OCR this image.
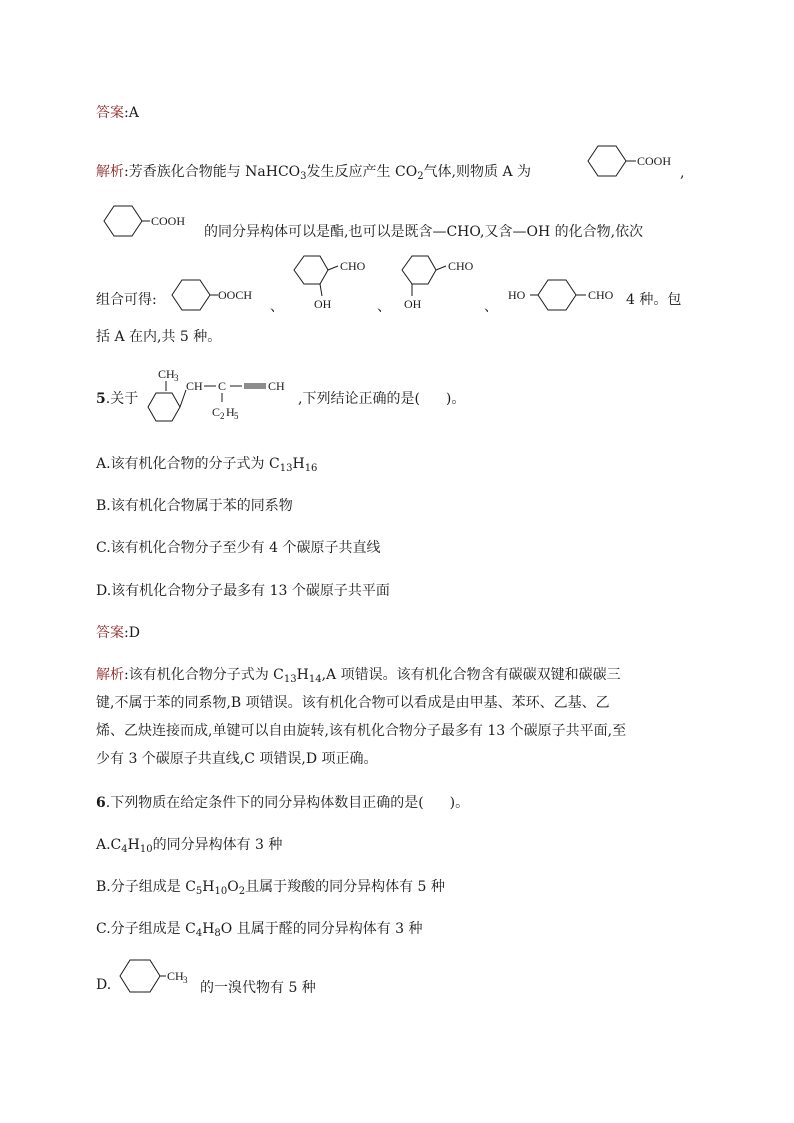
答案:A
解析:芳香族化合物能与 NaHCO$_3$发生反应产生 $CO_2$气体,则物质 A 为
COOH
,
COOH
的同分异构体可以是酯,也可以是既含—CHO,又含—OH 的化合物,依次
组合可得:	OOCH
、
CHO
OH	、
CHO
OH	、
HO	CHO 4 种。包
括 A 在内,共 5 种。
5.关于
CH 3
CH C
C 2 H 5
CH
,下列结论正确的是( )。
A.该有机化合物的分子式为 $C_{13}H_{16}$
B.该有机化合物属于苯的同系物
C.该有机化合物分子至少有 4 个碳原子共直线
D.该有机化合物分子最多有 13 个碳原子共平面
答案:D
解析:该有机化合物分子式为 $C_{13}H_{14},A$ 项错误。该有机化合物含有碳碳双键和碳碳三
键,不属于苯的同系物,B 项错误。该有机化合物可以看成是由甲基、苯环、乙基、乙
烯、乙炔连接而成,单键可以自由旋转,该有机化合物分子最多有 13 个碳原子共平面,至
少有 3 个碳原子共直线,C 项错误,D 项正确。
6.下列物质在给定条件下的同分异构体数目正确的是( )。
$A.C_4H_{10}$的同分异构体有 3 种
B.分子组成是 $C_5H_{10}O_2$且属于羧酸的同分异构体有 5 种
C.分子组成是 $C_4H_8O$ 且属于醛的同分异构体有 3 种
D.
CH 3 的一溴代物有 5 种
